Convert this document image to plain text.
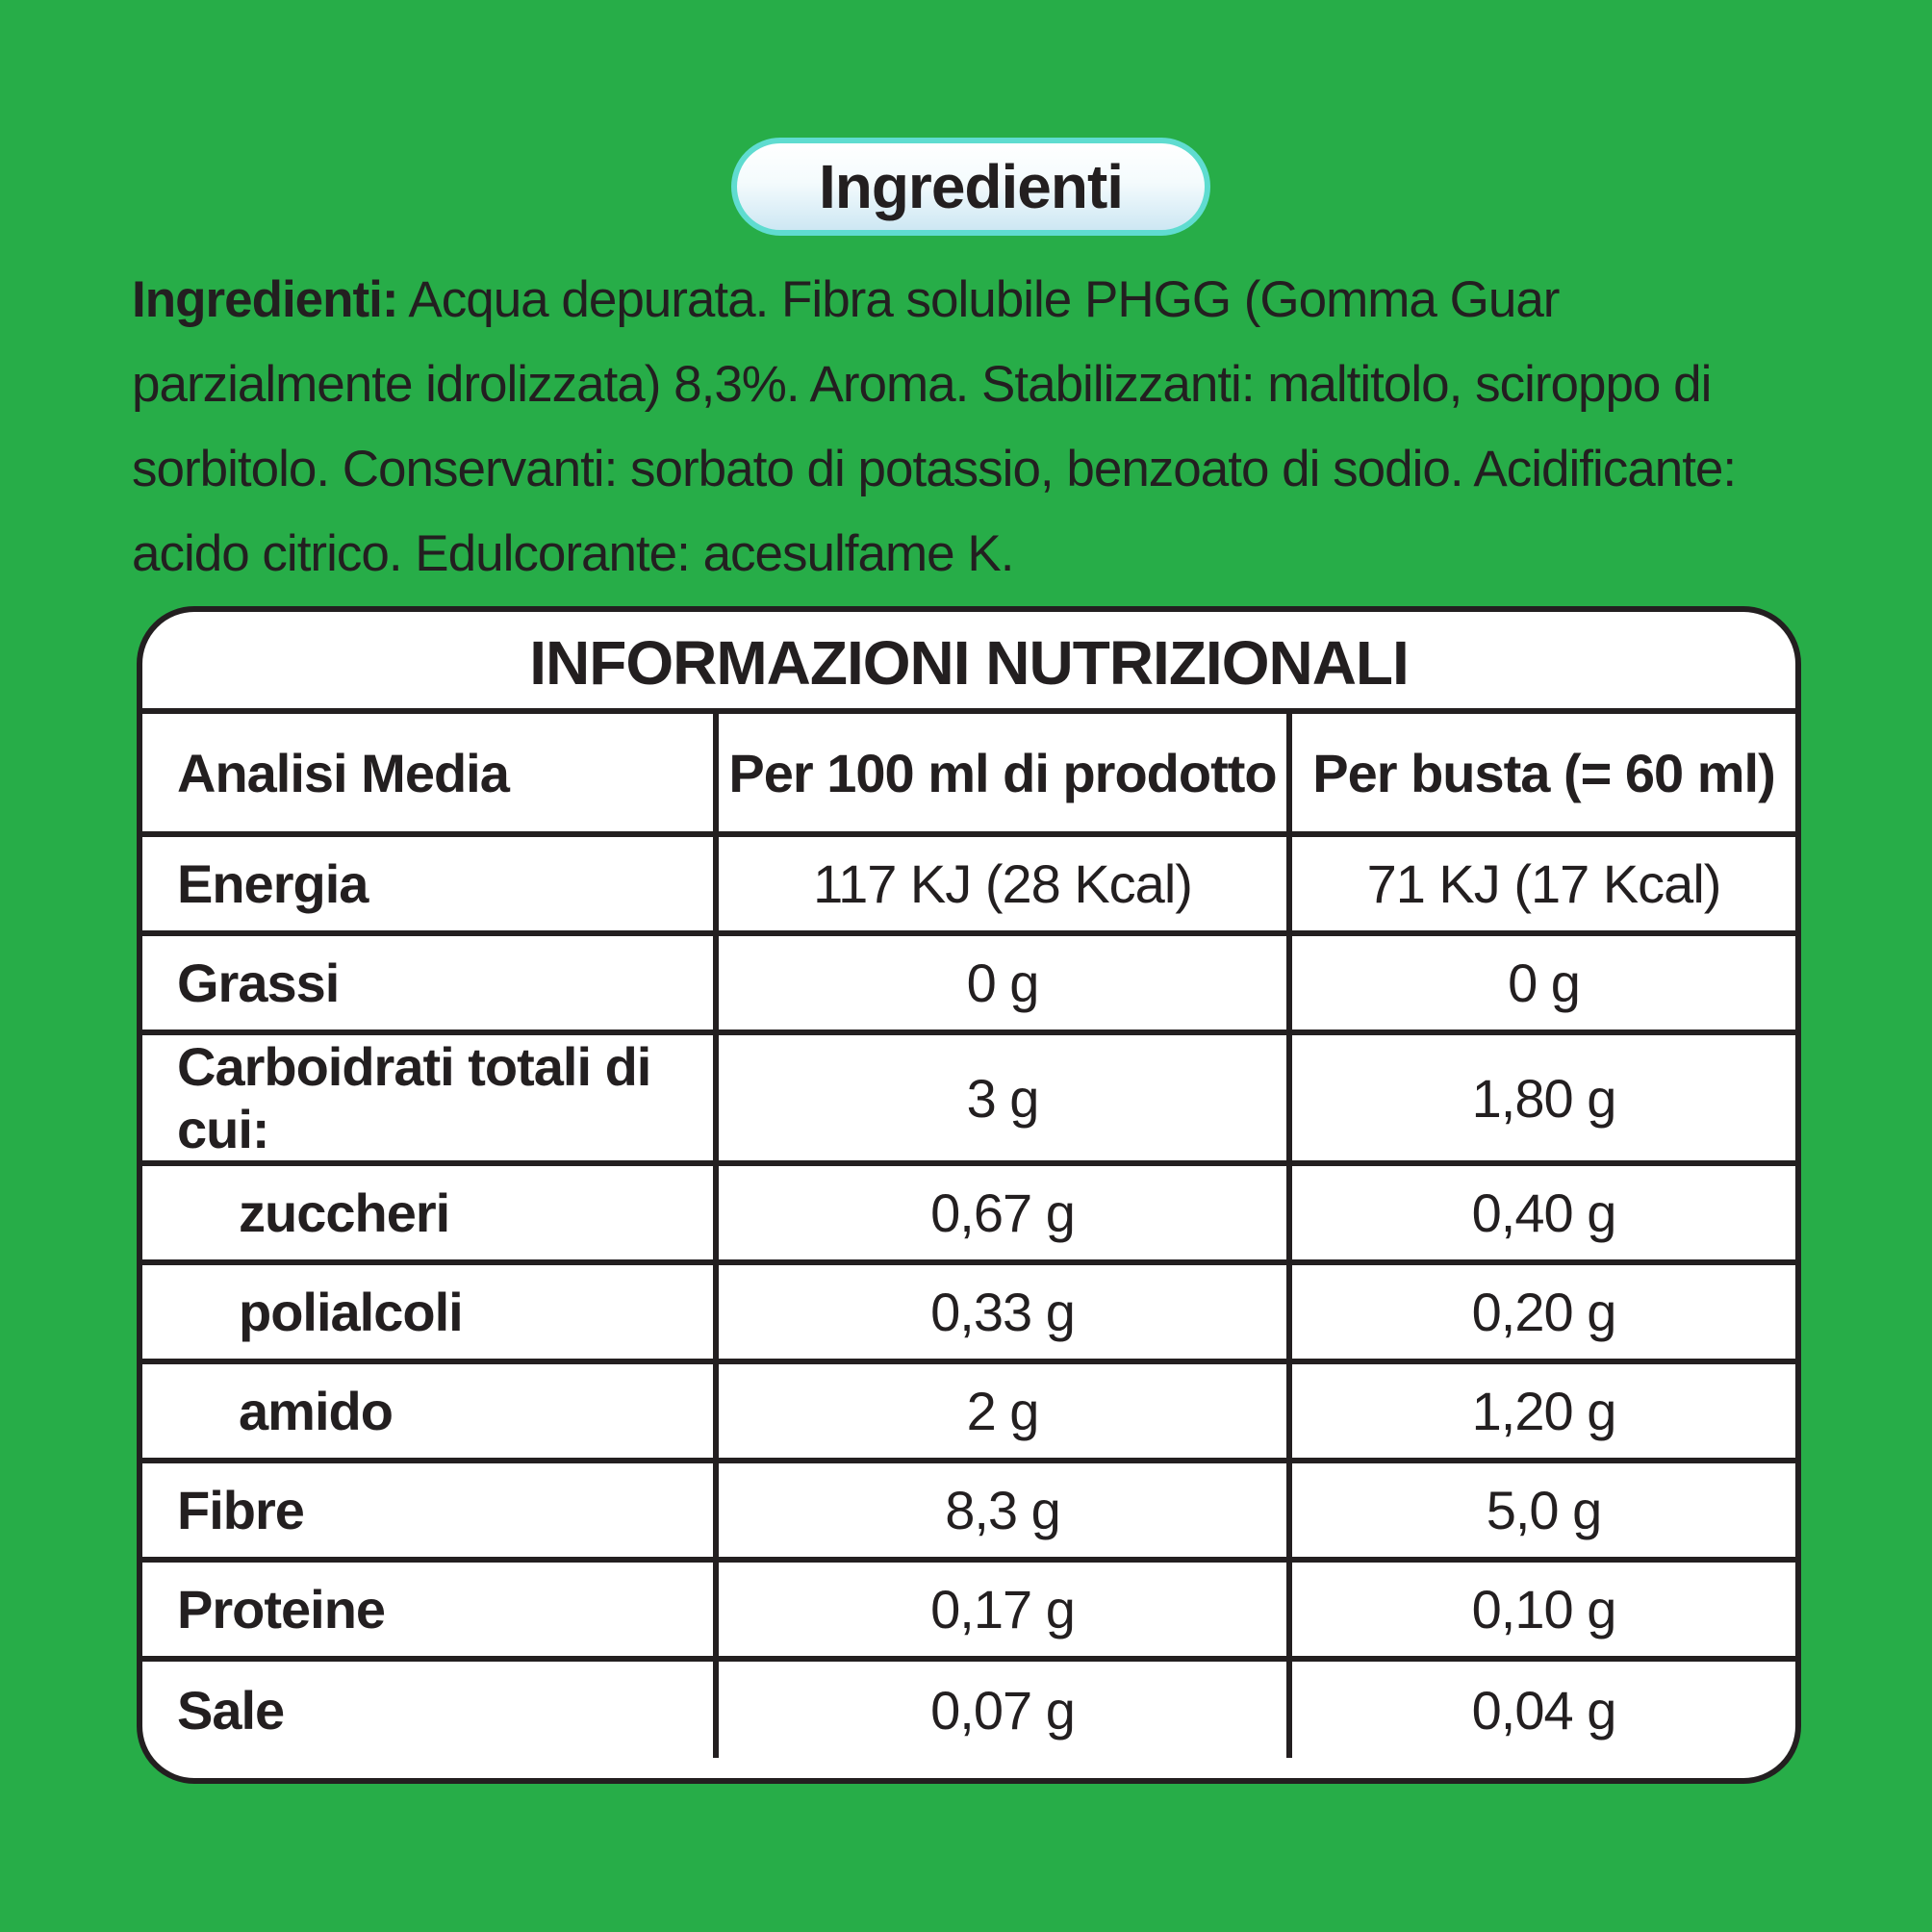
Ingredienti

Ingredienti: Acqua depurata. Fibra solubile PHGG (Gomma Guar parzialmente idrolizzata) 8,3%. Aroma. Stabilizzanti: maltitolo, sciroppo di sorbitolo. Conservanti: sorbato di potassio, benzoato di sodio. Acidificante: acido citrico. Edulcorante: acesulfame K.

INFORMAZIONI NUTRIZIONALI
Analisi Media	Per 100 ml di prodotto	Per busta (= 60 ml)
Energia	117 KJ (28 Kcal)	71 KJ (17 Kcal)
Grassi	0 g	0 g
Carboidrati totali di cui:	3 g	1,80 g
zuccheri	0,67 g	0,40 g
polialcoli	0,33 g	0,20 g
amido	2 g	1,20 g
Fibre	8,3 g	5,0 g
Proteine	0,17 g	0,10 g
Sale	0,07 g	0,04 g
